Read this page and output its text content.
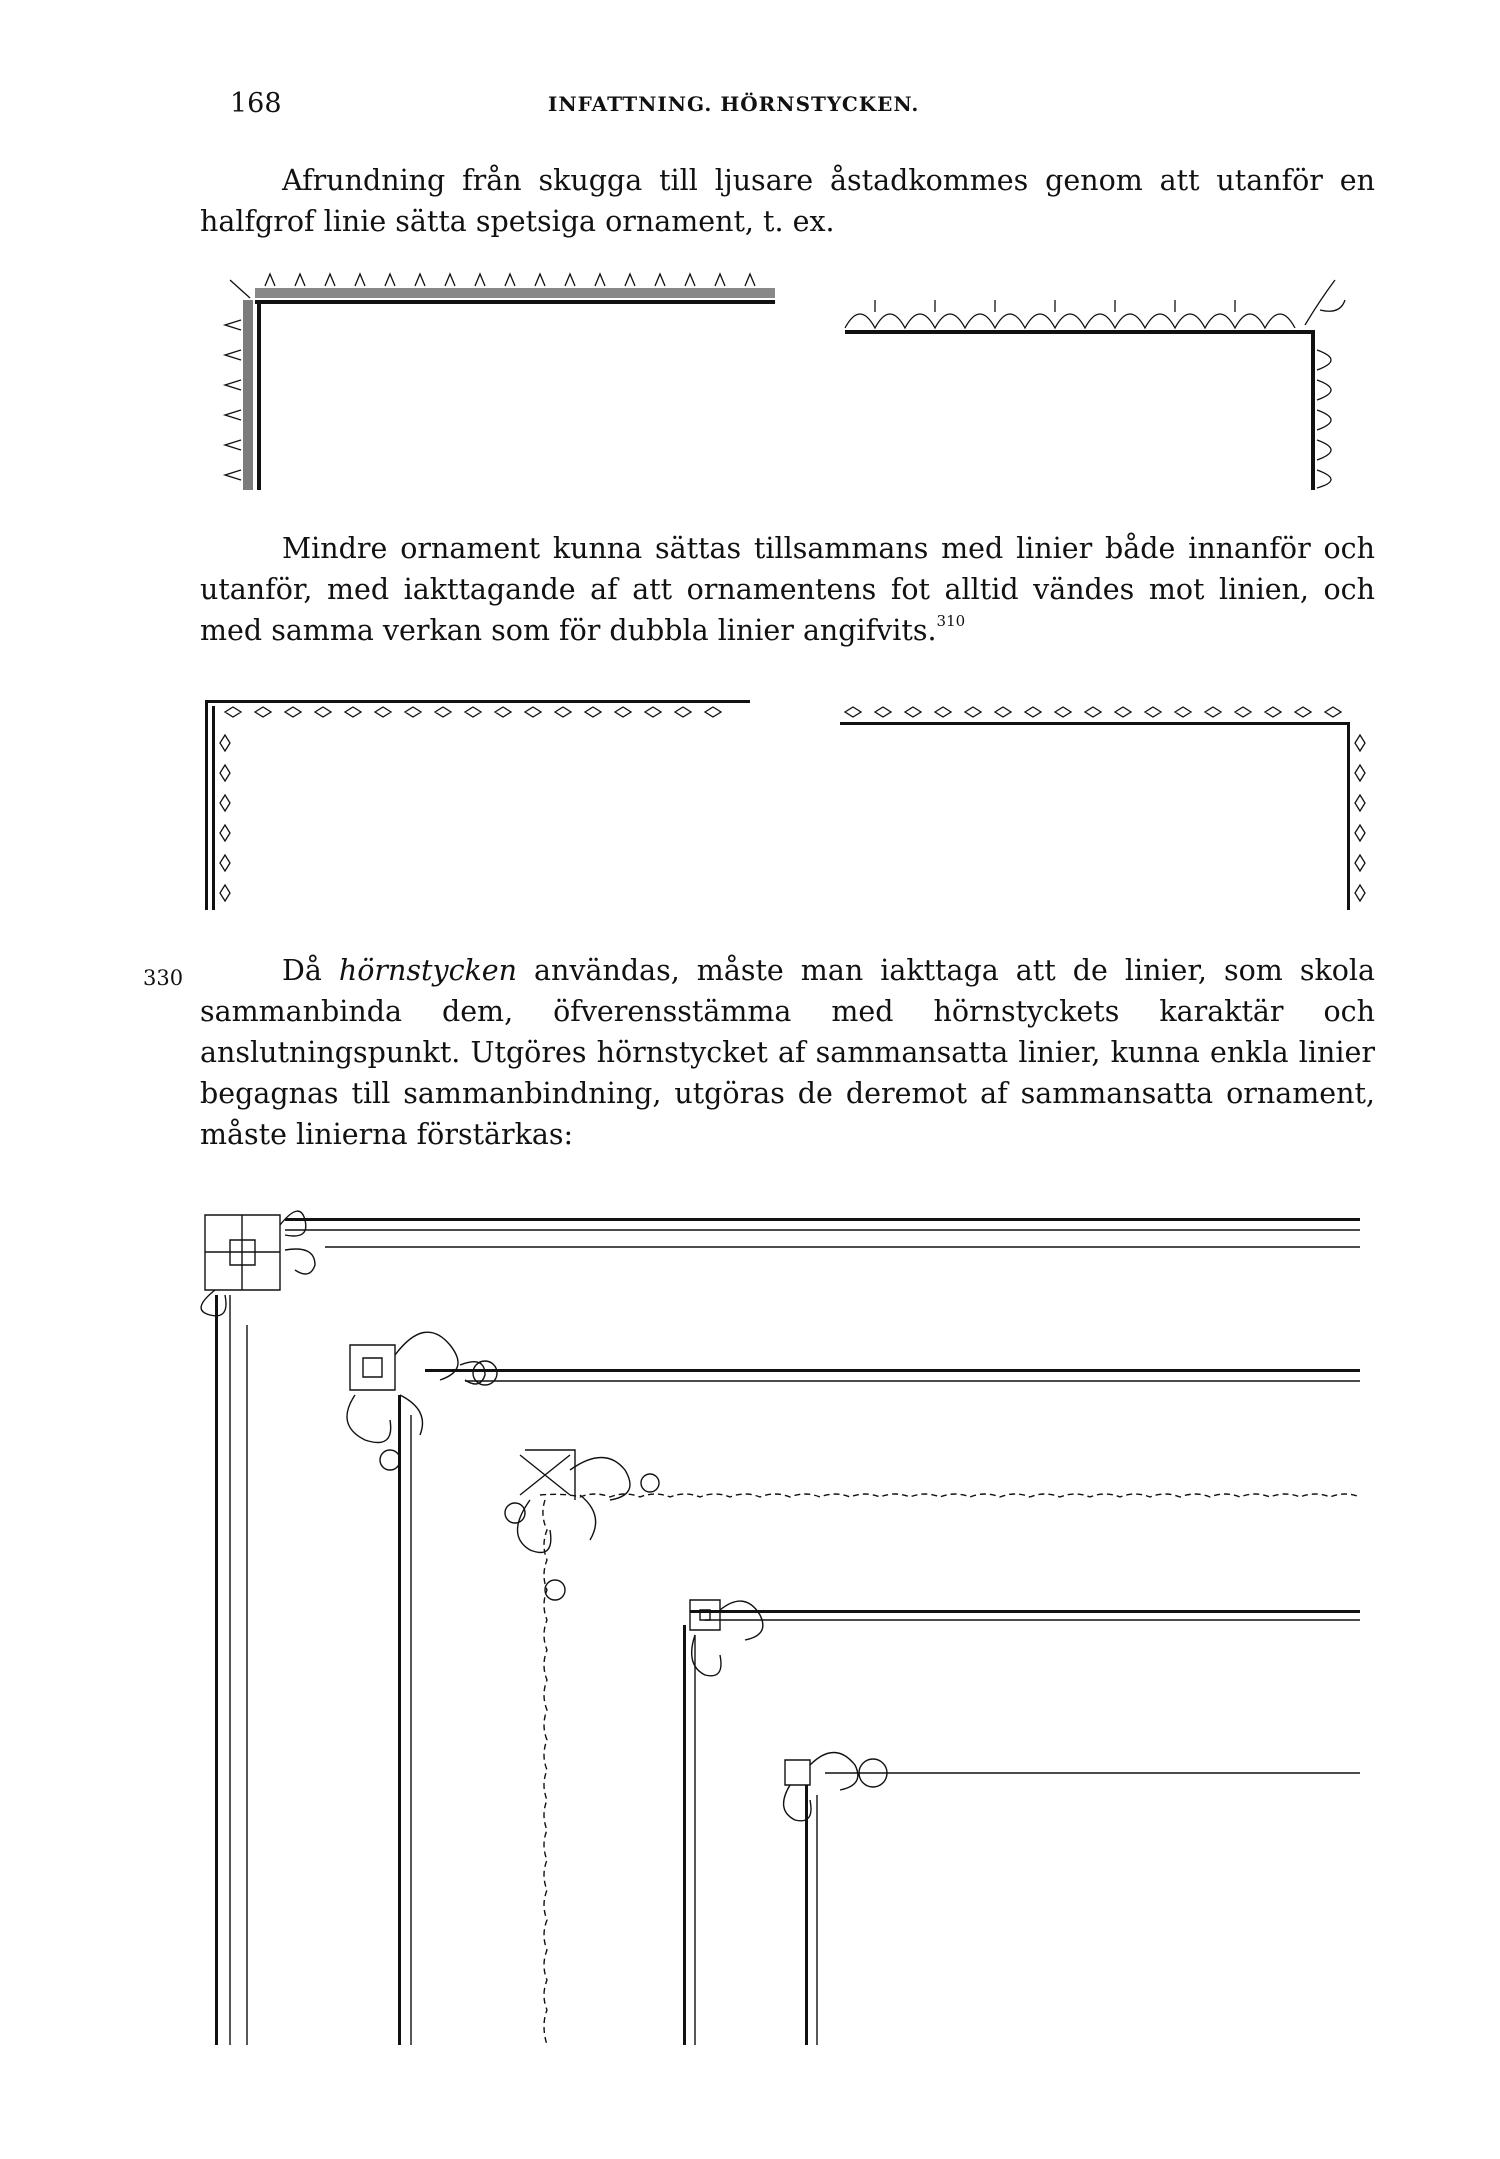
168	INFATTNING. HÖRNSTYCKEN.

Afrundning från skugga till ljusare åstadkommes genom att utanför en halfgrof linie sätta spetsiga ornament, t. ex.

Mindre ornament kunna sättas tillsammans med linier både innanför och utanför, med iakttagande af att ornamentens fot alltid vändes mot linien, och med samma verkan som för dubbla linier angifvits.$^{310}$

330	Då hörnstycken användas, måste man iakttaga att de linier, som skola sammanbinda dem, öfverensstämma med hörnstyckets karaktär och anslutningspunkt. Utgöres hörnstycket af sammansatta linier, kunna enkla linier begagnas till sammanbindning, utgöras de deremot af sammansatta ornament, måste linierna förstärkas:
